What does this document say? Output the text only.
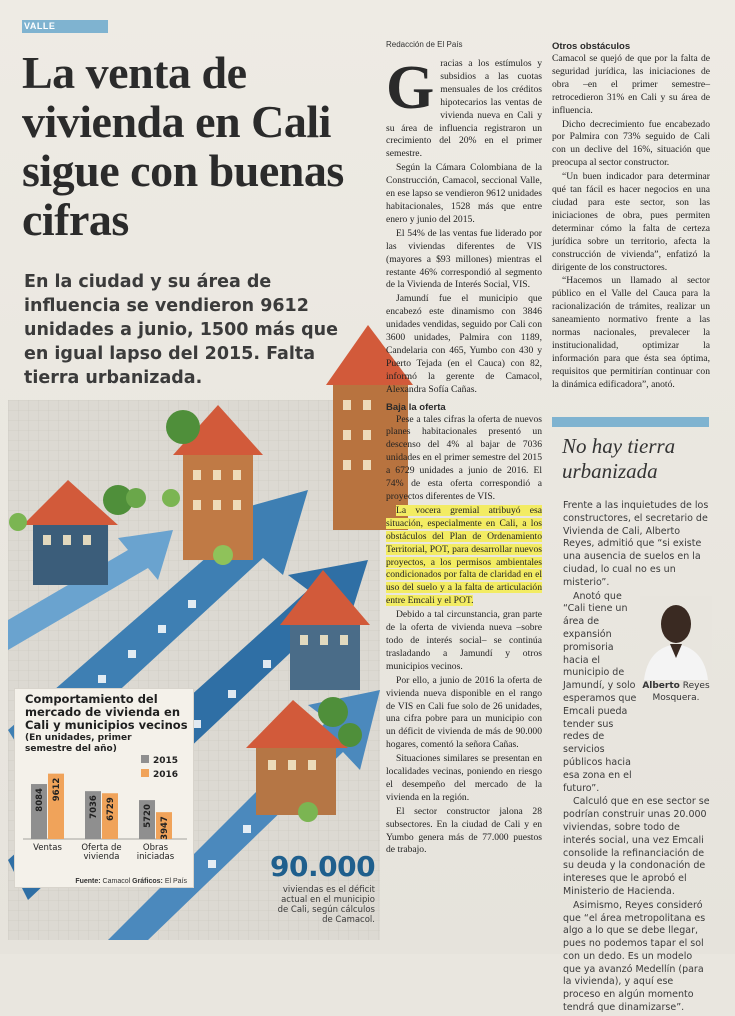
VALLE
La venta de vivienda en Cali sigue con buenas cifras
En la ciudad y su área de influencia se vendieron 9612 unidades a junio, 1500 más que en igual lapso del 2015. Falta tierra urbanizada.
Comportamiento del mercado de vivienda en Cali y municipios vecinos
(En unidades, primer semestre del año)
2015
2016
8084 9612
Ventas
7036 6729
Oferta de
vivienda
5720
3947
Obras
iniciadas
Fuente: Camacol Gráficos: El País	90.000
viviendas es el déficit actual en el municipio de Cali, según cálculos de Camacol.
Redacción de El País
G racias a los estímulos y subsidios a las cuotas mensuales de los créditos hipotecarios las ventas de vivienda nueva en Cali y su área de influencia registraron un crecimiento del 20% en el primer semestre.

Según la Cámara Colombiana de la Construcción, Camacol, seccional Valle, en ese lapso se vendieron 9612 unidades habitacionales, 1528 más que entre enero y junio del 2015.

El 54% de las ventas fue liderado por las viviendas diferentes de VIS (mayores a $93 millones) mientras el restante 46% correspondió al segmento de la Vivienda de Interés Social, VIS.

Jamundí fue el municipio que encabezó este dinamismo con 3846 unidades vendidas, seguido por Cali con 3600 unidades, Palmira con 1189, Candelaria con 465, Yumbo con 430 y Puerto Tejada (en el Cauca) con 82, informó la gerente de Camacol, Alexandra Sofía Cañas.

Baja la oferta

Pese a tales cifras la oferta de nuevos planes habitacionales presentó un descenso del 4% al bajar de 7036 unidades en el primer semestre del 2015 a 6729 unidades a junio de 2016. El 74% de esta oferta correspondió a proyectos diferentes de VIS.

La vocera gremial atribuyó esa situación, especialmente en Cali, a los obstáculos del Plan de Ordenamiento Territorial, POT, para desarrollar nuevos proyectos, a los permisos ambientales condicionados por falta de claridad en el uso del suelo y a la falta de articulación entre Emcali y el POT.

Debido a tal circunstancia, gran parte de la oferta de vivienda nueva –sobre todo de interés social– se continúa trasladando a Jamundí y otros municipios vecinos.

Por ello, a junio de 2016 la oferta de vivienda nueva disponible en el rango de VIS en Cali fue solo de 26 unidades, una cifra pobre para un municipio con un déficit de vivienda de más de 90.000 hogares, comentó la señora Cañas.

Situaciones similares se presentan en localidades vecinas, poniendo en riesgo el desempeño del mercado de la vivienda en la región.

El sector constructor jalona 28 subsectores. En la ciudad de Cali y en Yumbo genera más de 77.000 puestos de trabajo.

Otros obstáculos

Camacol se quejó de que por la falta de seguridad jurídica, las iniciaciones de obra –en el primer semestre– retrocedieron 31% en Cali y su área de influencia.

Dicho decrecimiento fue encabezado por Palmira con 73% seguido de Cali con un declive del 16%, situación que preocupa al sector constructor.

“Un buen indicador para determinar qué tan fácil es hacer negocios en una ciudad para este sector, son las iniciaciones de obra, pues permiten determinar cómo la falta de certeza jurídica sobre un territorio, afecta la construcción de vivienda”, enfatizó la dirigente de los constructores.

“Hacemos un llamado al sector público en el Valle del Cauca para la racionalización de trámites, realizar un saneamiento normativo frente a las normas nacionales, prevalecer la institucionalidad, optimizar la información para que ésta sea óptima, requisitos que permitirían continuar con la dinámica edificadora”, anotó.

No hay tierra urbanizada

Frente a las inquietudes de los constructores, el secretario de Vivienda de Cali, Alberto Reyes, admitió que “si existe una ausencia de suelos en la ciudad, lo cual no es un misterio”.

Anotó que “Cali tiene un área de expansión promisoria hacia el municipio de Jamundí, y solo esperamos que Emcali pueda tender sus redes de servicios públicos hacia esa zona en el futuro”.

Calculó que en ese sector se podrían construir unas 20.000 viviendas, sobre todo de interés social, una vez Emcali consolide la refinanciación de su deuda y la condonación de intereses que le aprobó el Ministerio de Hacienda.

Asimismo, Reyes consideró que “el área metropolitana es algo a lo que se debe llegar, pues no podemos tapar el sol con un dedo. Es un modelo que ya avanzó Medellín (para la vivienda), y aquí ese proceso en algún momento tendrá que dinamizarse”.

Alberto Reyes Mosquera.
